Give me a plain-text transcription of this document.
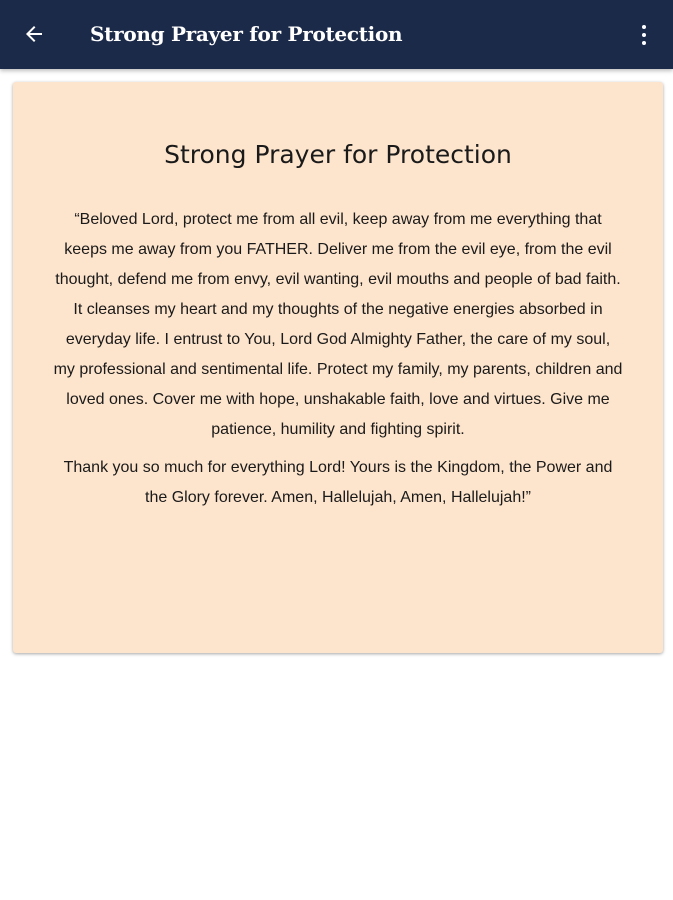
Strong Prayer for Protection
Strong Prayer for Protection

“Beloved Lord, protect me from all evil, keep away from me everything that keeps me away from you FATHER. Deliver me from the evil eye, from the evil thought, defend me from envy, evil wanting, evil mouths and people of bad faith. It cleanses my heart and my thoughts of the negative energies absorbed in everyday life. I entrust to You, Lord God Almighty Father, the care of my soul, my professional and sentimental life. Protect my family, my parents, children and loved ones. Cover me with hope, unshakable faith, love and virtues. Give me patience, humility and fighting spirit.

Thank you so much for everything Lord! Yours is the Kingdom, the Power and the Glory forever. Amen, Hallelujah, Amen, Hallelujah!”
